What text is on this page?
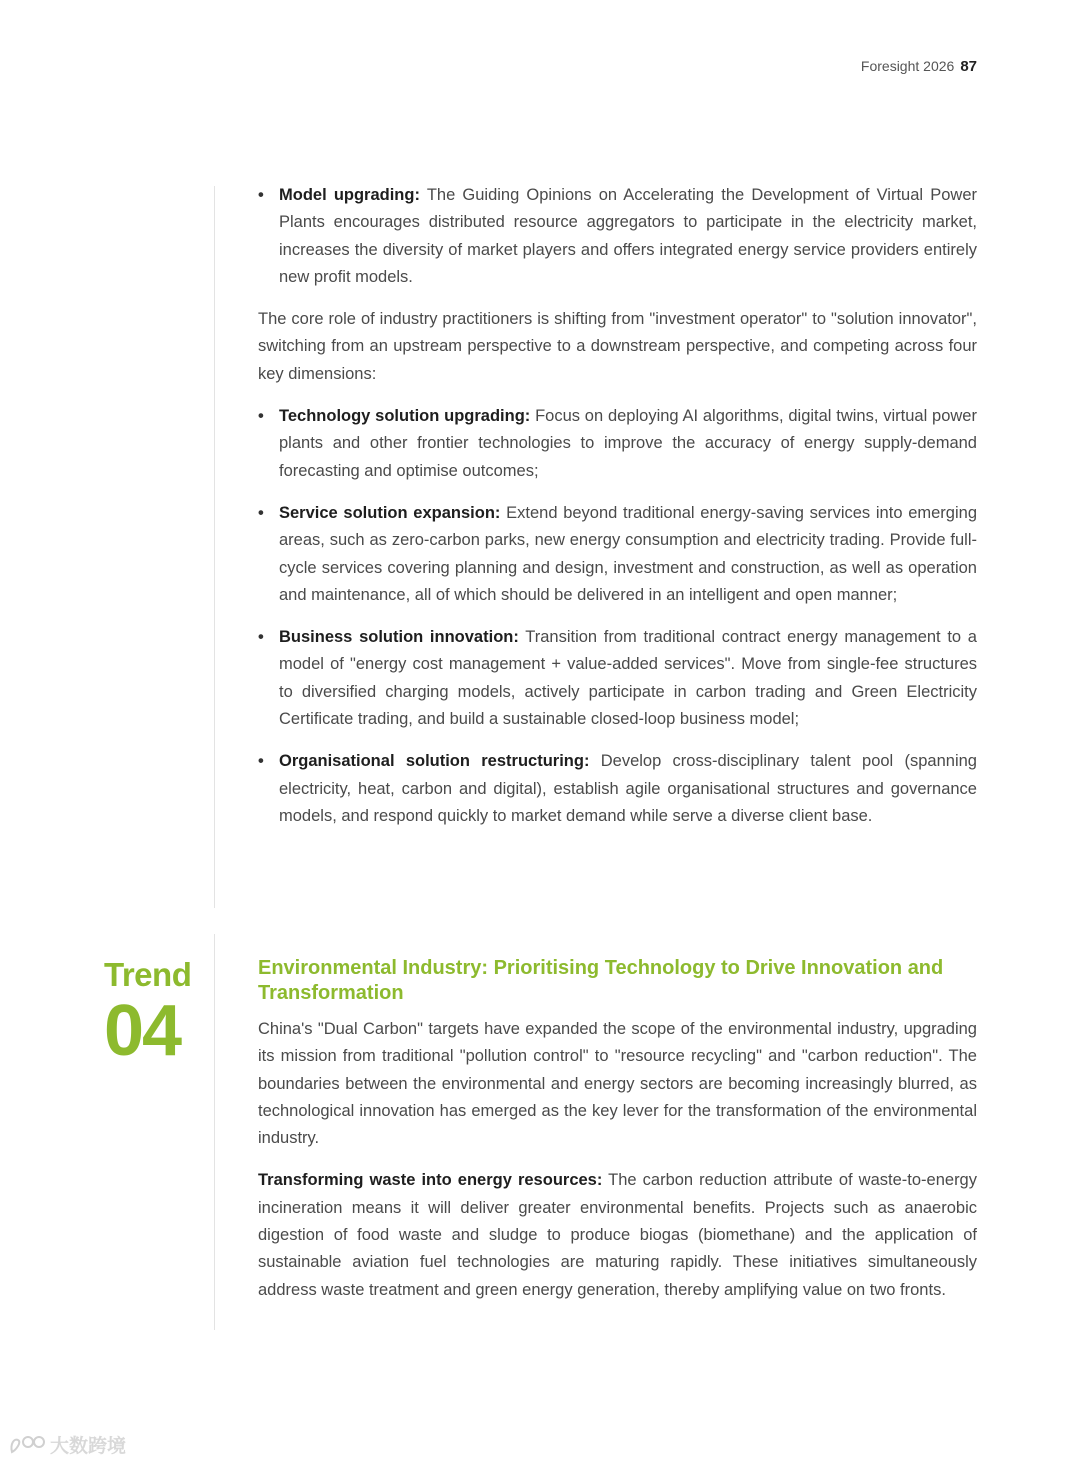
Foresight 2026 87
• Model upgrading: The Guiding Opinions on Accelerating the Development of Virtual Power Plants encourages distributed resource aggregators to participate in the electricity market, increases the diversity of market players and offers integrated energy service providers entirely new profit models.

The core role of industry practitioners is shifting from "investment operator" to "solution innovator", switching from an upstream perspective to a downstream perspective, and competing across four key dimensions:

• Technology solution upgrading: Focus on deploying AI algorithms, digital twins, virtual power plants and other frontier technologies to improve the accuracy of energy supply-demand forecasting and optimise outcomes;
• Service solution expansion: Extend beyond traditional energy-saving services into emerging areas, such as zero-carbon parks, new energy consumption and electricity trading. Provide full-cycle services covering planning and design, investment and construction, as well as operation and maintenance, all of which should be delivered in an intelligent and open manner;
• Business solution innovation: Transition from traditional contract energy management to a model of "energy cost management + value-added services". Move from single-fee structures to diversified charging models, actively participate in carbon trading and Green Electricity Certificate trading, and build a sustainable closed-loop business model;
• Organisational solution restructuring: Develop cross-disciplinary talent pool (spanning electricity, heat, carbon and digital), establish agile organisational structures and governance models, and respond quickly to market demand while serve a diverse client base.
Trend
04
Environmental Industry: Prioritising Technology to Drive Innovation and Transformation

China's "Dual Carbon" targets have expanded the scope of the environmental industry, upgrading its mission from traditional "pollution control" to "resource recycling" and "carbon reduction". The boundaries between the environmental and energy sectors are becoming increasingly blurred, as technological innovation has emerged as the key lever for the transformation of the environmental industry.

Transforming waste into energy resources: The carbon reduction attribute of waste-to-energy incineration means it will deliver greater environmental benefits. Projects such as anaerobic digestion of food waste and sludge to produce biogas (biomethane) and the application of sustainable aviation fuel technologies are maturing rapidly. These initiatives simultaneously address waste treatment and green energy generation, thereby amplifying value on two fronts.

大数跨境
